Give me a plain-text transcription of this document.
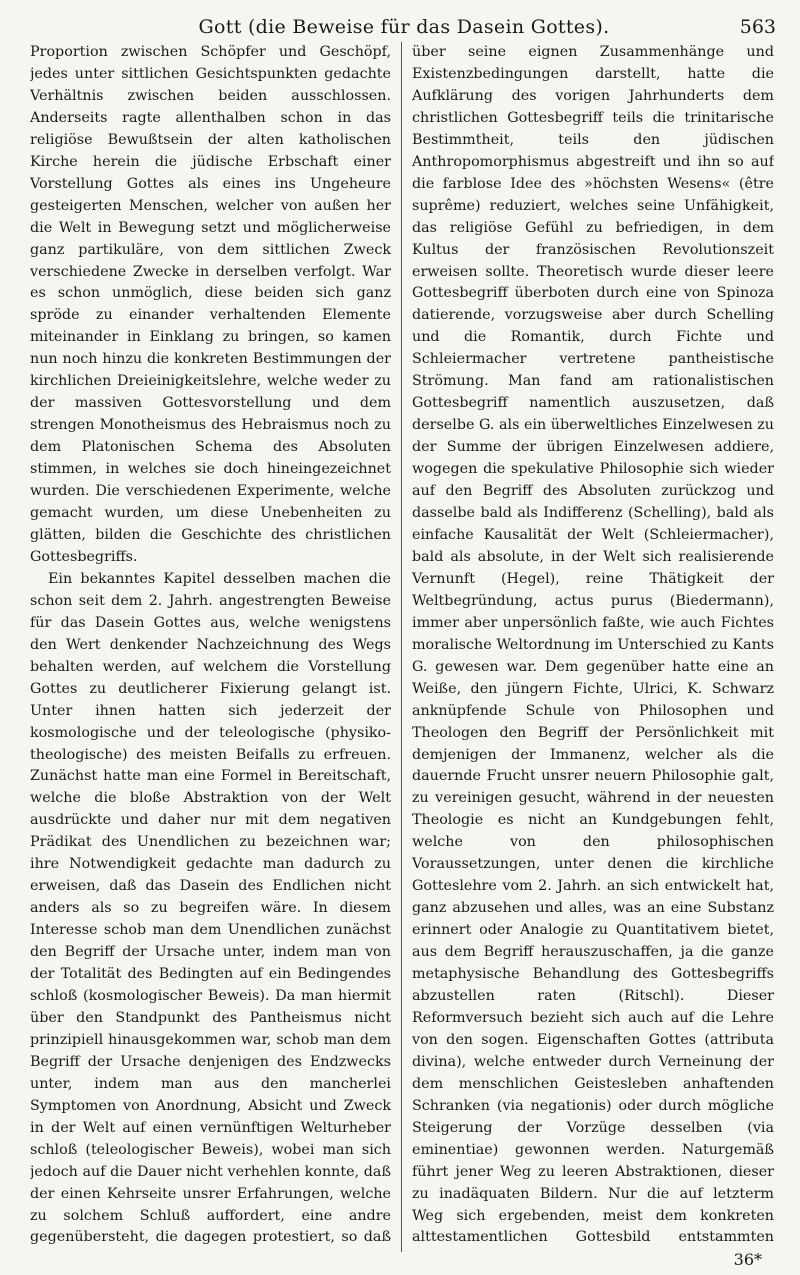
Gott (die Beweise für das Dasein Gottes).	563

Proportion zwischen Schöpfer und Geschöpf, jedes unter sittlichen Gesichtspunkten gedachte Verhältnis zwischen beiden ausschlossen. Anderseits ragte allenthalben schon in das religiöse Bewußtsein der alten katholischen Kirche herein die jüdische Erbschaft einer Vorstellung Gottes als eines ins Ungeheure gesteigerten Menschen, welcher von außen her die Welt in Bewegung setzt und möglicherweise ganz partikuläre, von dem sittlichen Zweck verschiedene Zwecke in derselben verfolgt. War es schon unmöglich, diese beiden sich ganz spröde zu einander verhaltenden Elemente miteinander in Einklang zu bringen, so kamen nun noch hinzu die konkreten Bestimmungen der kirchlichen Dreieinigkeitslehre, welche weder zu der massiven Gottesvorstellung und dem strengen Monotheismus des Hebraismus noch zu dem Platonischen Schema des Absoluten stimmen, in welches sie doch hineingezeichnet wurden. Die verschiedenen Experimente, welche gemacht wurden, um diese Unebenheiten zu glätten, bilden die Geschichte des christlichen Gottesbegriffs.

Ein bekanntes Kapitel desselben machen die schon seit dem 2. Jahrh. angestrengten Beweise für das Dasein Gottes aus, welche wenigstens den Wert denkender Nachzeichnung des Wegs behalten werden, auf welchem die Vorstellung Gottes zu deutlicherer Fixierung gelangt ist. Unter ihnen hatten sich jederzeit der kosmologische und der teleologische (physiko-theologische) des meisten Beifalls zu erfreuen. Zunächst hatte man eine Formel in Bereitschaft, welche die bloße Abstraktion von der Welt ausdrückte und daher nur mit dem negativen Prädikat des Unendlichen zu bezeichnen war; ihre Notwendigkeit gedachte man dadurch zu erweisen, daß das Dasein des Endlichen nicht anders als so zu begreifen wäre. In diesem Interesse schob man dem Unendlichen zunächst den Begriff der Ursache unter, indem man von der Totalität des Bedingten auf ein Bedingendes schloß (kosmologischer Beweis). Da man hiermit über den Standpunkt des Pantheismus nicht prinzipiell hinausgekommen war, schob man dem Begriff der Ursache denjenigen des Endzwecks unter, indem man aus den mancherlei Symptomen von Anordnung, Absicht und Zweck in der Welt auf einen vernünftigen Welturheber schloß (teleologischer Beweis), wobei man sich jedoch auf die Dauer nicht verhehlen konnte, daß der einen Kehrseite unsrer Erfahrungen, welche zu solchem Schluß auffordert, eine andre gegenübersteht, die dagegen protestiert, so daß

über seine eignen Zusammenhänge und Existenzbedingungen darstellt, hatte die Aufklärung des vorigen Jahrhunderts dem christlichen Gottesbegriff teils die trinitarische Bestimmtheit, teils den jüdischen Anthropomorphismus abgestreift und ihn so auf die farblose Idee des »höchsten Wesens« (être suprême) reduziert, welches seine Unfähigkeit, das religiöse Gefühl zu befriedigen, in dem Kultus der französischen Revolutionszeit erweisen sollte. Theoretisch wurde dieser leere Gottesbegriff überboten durch eine von Spinoza datierende, vorzugsweise aber durch Schelling und die Romantik, durch Fichte und Schleiermacher vertretene pantheistische Strömung. Man fand am rationalistischen Gottesbegriff namentlich auszusetzen, daß derselbe G. als ein überweltliches Einzelwesen zu der Summe der übrigen Einzelwesen addiere, wogegen die spekulative Philosophie sich wieder auf den Begriff des Absoluten zurückzog und dasselbe bald als Indifferenz (Schelling), bald als einfache Kausalität der Welt (Schleiermacher), bald als absolute, in der Welt sich realisierende Vernunft (Hegel), reine Thätigkeit der Weltbegründung, actus purus (Biedermann), immer aber unpersönlich faßte, wie auch Fichtes moralische Weltordnung im Unterschied zu Kants G. gewesen war. Dem gegenüber hatte eine an Weiße, den jüngern Fichte, Ulrici, K. Schwarz anknüpfende Schule von Philosophen und Theologen den Begriff der Persönlichkeit mit demjenigen der Immanenz, welcher als die dauernde Frucht unsrer neuern Philosophie galt, zu vereinigen gesucht, während in der neuesten Theologie es nicht an Kundgebungen fehlt, welche von den philosophischen Voraussetzungen, unter denen die kirchliche Gotteslehre vom 2. Jahrh. an sich entwickelt hat, ganz abzusehen und alles, was an eine Substanz erinnert oder Analogie zu Quantitativem bietet, aus dem Begriff herauszuschaffen, ja die ganze metaphysische Behandlung des Gottesbegriffs abzustellen raten (Ritschl). Dieser Reformversuch bezieht sich auch auf die Lehre von den sogen. Eigenschaften Gottes (attributa divina), welche entweder durch Verneinung der dem menschlichen Geistesleben anhaftenden Schranken (via negationis) oder durch mögliche Steigerung der Vorzüge desselben (via eminentiae) gewonnen werden. Naturgemäß führt jener Weg zu leeren Abstraktionen, dieser zu inadäquaten Bildern. Nur die auf letzterm Weg sich ergebenden, meist dem konkreten alttestamentlichen Gottesbild entstammten

36*
